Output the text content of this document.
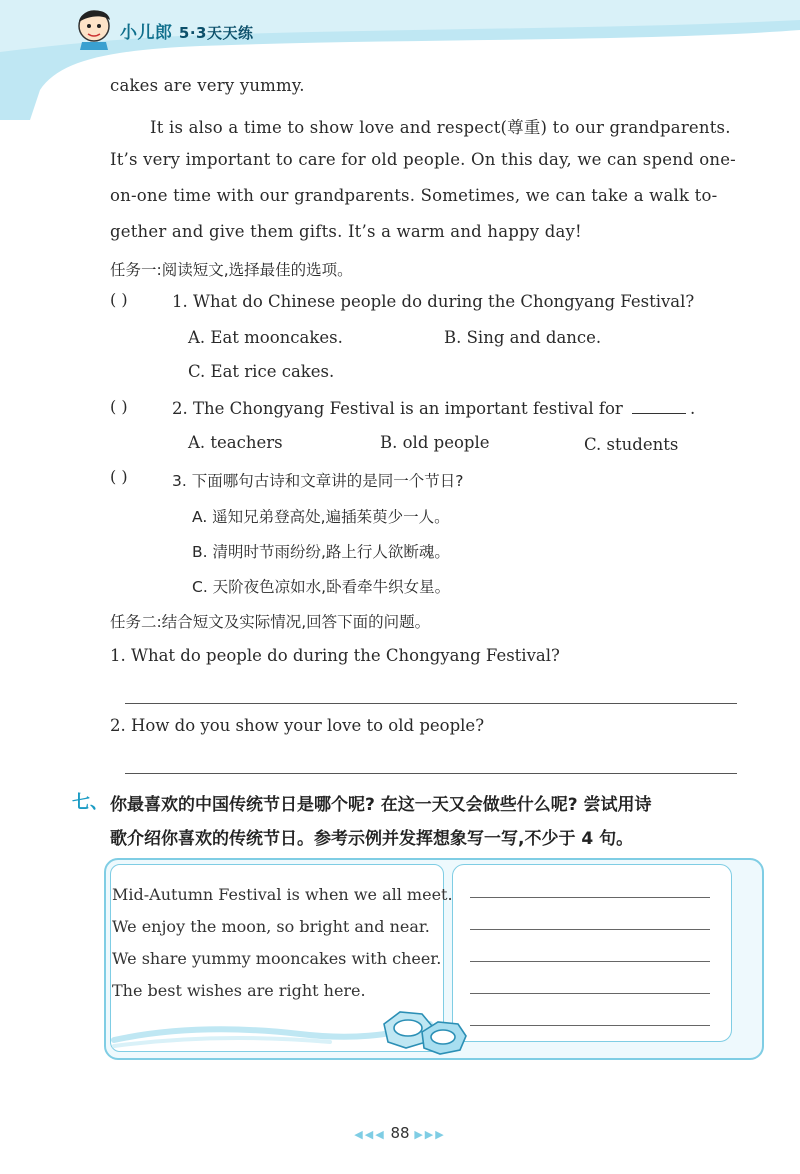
小儿郎 5·3天天练
cakes are very yummy.
It is also a time to show love and respect(尊重) to our grandparents.
It’s very important to care for old people. On this day, we can spend one-
on-one time with our grandparents. Sometimes, we can take a walk to-
gether and give them gifts. It’s a warm and happy day!
任务一:阅读短文,选择最佳的选项。
( )	1. What do Chinese people do during the Chongyang Festival?
A. Eat mooncakes.	B. Sing and dance.
C. Eat rice cakes.
( )	2. The Chongyang Festival is an important festival for	.
A. teachers	B. old people	C. students
( )	3. 下面哪句古诗和文章讲的是同一个节日?
A. 遥知兄弟登高处,遍插茱萸少一人。
B. 清明时节雨纷纷,路上行人欲断魂。
C. 天阶夜色凉如水,卧看牵牛织女星。
任务二:结合短文及实际情况,回答下面的问题。
1. What do people do during the Chongyang Festival?
2. How do you show your love to old people?
七、 你最喜欢的中国传统节日是哪个呢? 在这一天又会做些什么呢? 尝试用诗
歌介绍你喜欢的传统节日。参考示例并发挥想象写一写,不少于 4 句。
Mid-Autumn Festival is when we all meet.
We enjoy the moon, so bright and near.
We share yummy mooncakes with cheer.
The best wishes are right here.
◀◀◀ 88 ▶▶▶
